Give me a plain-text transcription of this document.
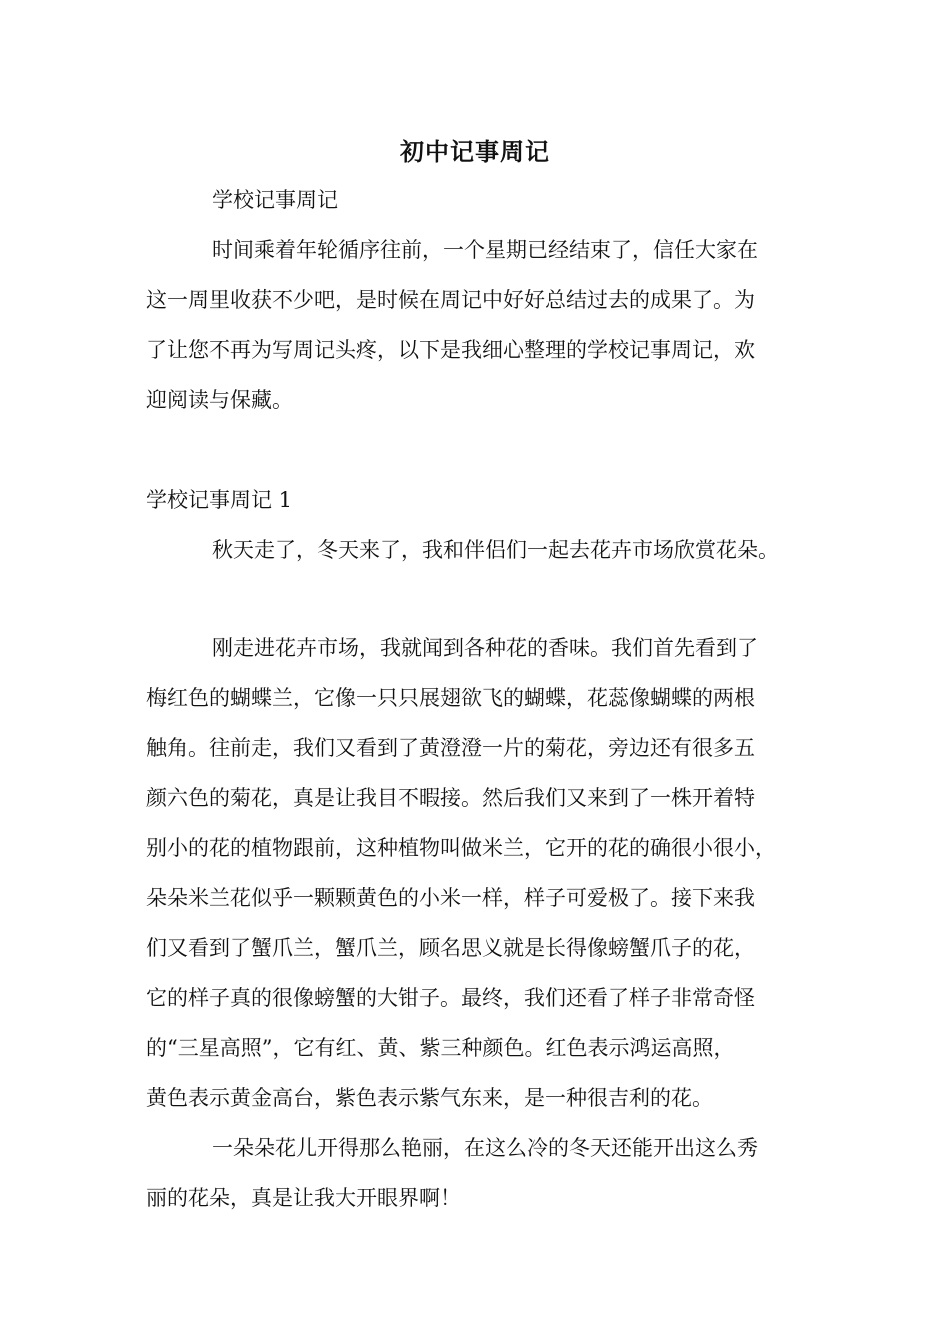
初中记事周记
学校记事周记
时间乘着年轮循序往前，一个星期已经结束了，信任大家在
这一周里收获不少吧，是时候在周记中好好总结过去的成果了。为
了让您不再为写周记头疼，以下是我细心整理的学校记事周记，欢
迎阅读与保藏。
学校记事周记 1
秋天走了，冬天来了，我和伴侣们一起去花卉市场欣赏花朵。
刚走进花卉市场，我就闻到各种花的香味。我们首先看到了
梅红色的蝴蝶兰，它像一只只展翅欲飞的蝴蝶，花蕊像蝴蝶的两根
触角。往前走，我们又看到了黄澄澄一片的菊花，旁边还有很多五
颜六色的菊花，真是让我目不暇接。然后我们又来到了一株开着特
别小的花的植物跟前，这种植物叫做米兰，它开的花的确很小很小，
朵朵米兰花似乎一颗颗黄色的小米一样，样子可爱极了。接下来我
们又看到了蟹爪兰，蟹爪兰，顾名思义就是长得像螃蟹爪子的花，
它的样子真的很像螃蟹的大钳子。最终，我们还看了样子非常奇怪
的“三星高照”，它有红、黄、紫三种颜色。红色表示鸿运高照，
黄色表示黄金高台，紫色表示紫气东来，是一种很吉利的花。
一朵朵花儿开得那么艳丽，在这么冷的冬天还能开出这么秀
丽的花朵，真是让我大开眼界啊！
